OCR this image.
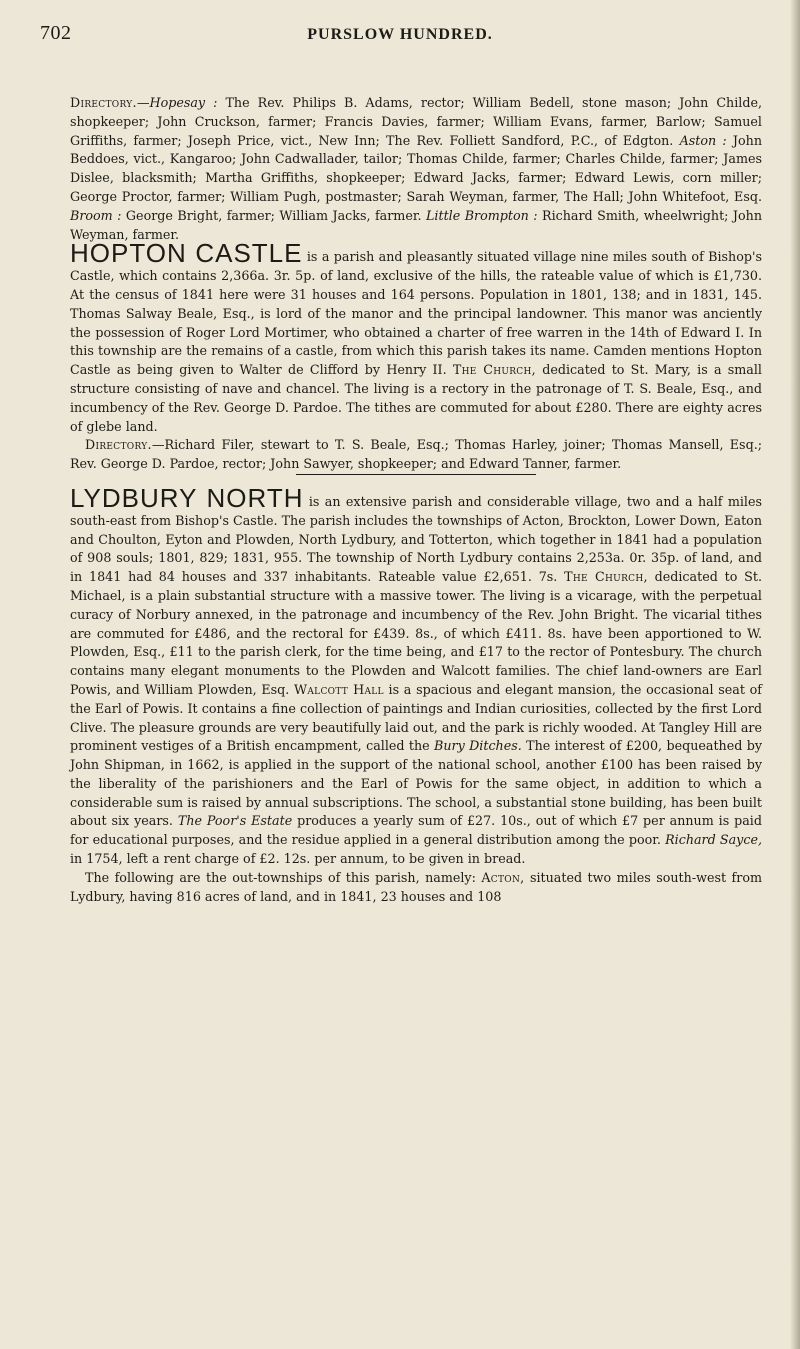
702	PURSLOW HUNDRED.

Directory.—Hopesay : The Rev. Philips B. Adams, rector; William Bedell, stone mason; John Childe, shopkeeper; John Cruckson, farmer; Francis Davies, farmer; William Evans, farmer, Barlow; Samuel Griffiths, farmer; Joseph Price, vict., New Inn; The Rev. Folliett Sandford, P.C., of Edgton. Aston : John Beddoes, vict., Kangaroo; John Cadwallader, tailor; Thomas Childe, farmer; Charles Childe, farmer; James Dislee, blacksmith; Martha Griffiths, shopkeeper; Edward Jacks, farmer; Edward Lewis, corn miller; George Proctor, farmer; William Pugh, postmaster; Sarah Weyman, farmer, The Hall; John Whitefoot, Esq. Broom : George Bright, farmer; William Jacks, farmer. Little Brompton : Richard Smith, wheelwright; John Weyman, farmer.

HOPTON CASTLE is a parish and pleasantly situated village nine miles south of Bishop's Castle, which contains 2,366a. 3r. 5p. of land, exclusive of the hills, the rateable value of which is £1,730. At the census of 1841 here were 31 houses and 164 persons. Population in 1801, 138; and in 1831, 145. Thomas Salway Beale, Esq., is lord of the manor and the principal landowner. This manor was anciently the possession of Roger Lord Mortimer, who obtained a charter of free warren in the 14th of Edward I. In this township are the remains of a castle, from which this parish takes its name. Camden mentions Hopton Castle as being given to Walter de Clifford by Henry II. The Church, dedicated to St. Mary, is a small structure consisting of nave and chancel. The living is a rectory in the patronage of T. S. Beale, Esq., and incumbency of the Rev. George D. Pardoe. The tithes are commuted for about £280. There are eighty acres of glebe land.

Directory.—Richard Filer, stewart to T. S. Beale, Esq.; Thomas Harley, joiner; Thomas Mansell, Esq.; Rev. George D. Pardoe, rector; John Sawyer, shopkeeper; and Edward Tanner, farmer.

LYDBURY NORTH is an extensive parish and considerable village, two and a half miles south-east from Bishop's Castle. The parish includes the townships of Acton, Brockton, Lower Down, Eaton and Choulton, Eyton and Plowden, North Lydbury, and Totterton, which together in 1841 had a population of 908 souls; 1801, 829; 1831, 955. The township of North Lydbury contains 2,253a. 0r. 35p. of land, and in 1841 had 84 houses and 337 inhabitants. Rateable value £2,651. 7s. The Church, dedicated to St. Michael, is a plain substantial structure with a massive tower. The living is a vicarage, with the perpetual curacy of Norbury annexed, in the patronage and incumbency of the Rev. John Bright. The vicarial tithes are commuted for £486, and the rectoral for £439. 8s., of which £411. 8s. have been apportioned to W. Plowden, Esq., £11 to the parish clerk, for the time being, and £17 to the rector of Pontesbury. The church contains many elegant monuments to the Plowden and Walcott families. The chief land-owners are Earl Powis, and William Plowden, Esq. Walcott Hall is a spacious and elegant mansion, the occasional seat of the Earl of Powis. It contains a fine collection of paintings and Indian curiosities, collected by the first Lord Clive. The pleasure grounds are very beautifully laid out, and the park is richly wooded. At Tangley Hill are prominent vestiges of a British encampment, called the Bury Ditches. The interest of £200, bequeathed by John Shipman, in 1662, is applied in the support of the national school, another £100 has been raised by the liberality of the parishioners and the Earl of Powis for the same object, in addition to which a considerable sum is raised by annual subscriptions. The school, a substantial stone building, has been built about six years. The Poor's Estate produces a yearly sum of £27. 10s., out of which £7 per annum is paid for educational purposes, and the residue applied in a general distribution among the poor. Richard Sayce, in 1754, left a rent charge of £2. 12s. per annum, to be given in bread.

The following are the out-townships of this parish, namely: Acton, situated two miles south-west from Lydbury, having 816 acres of land, and in 1841, 23 houses and 108
